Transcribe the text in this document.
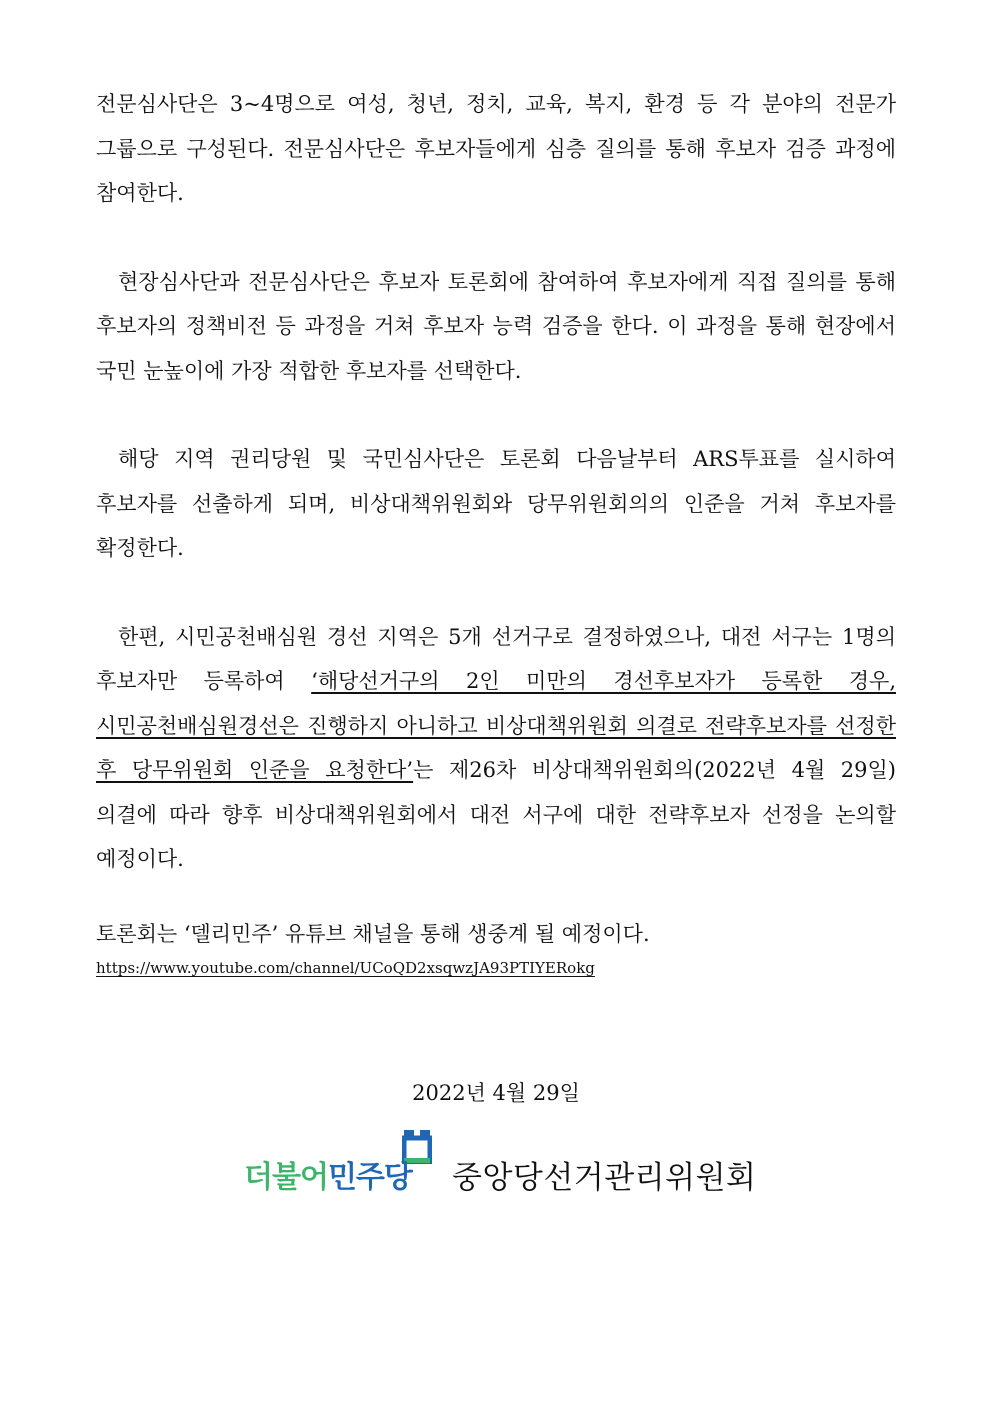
전문심사단은 3~4명으로 여성, 청년, 정치, 교육, 복지, 환경 등 각 분야의 전문가 그룹으로 구성된다. 전문심사단은 후보자들에게 심층 질의를 통해 후보자 검증 과정에 참여한다.

현장심사단과 전문심사단은 후보자 토론회에 참여하여 후보자에게 직접 질의를 통해 후보자의 정책비전 등 과정을 거쳐 후보자 능력 검증을 한다. 이 과정을 통해 현장에서 국민 눈높이에 가장 적합한 후보자를 선택한다.

해당 지역 권리당원 및 국민심사단은 토론회 다음날부터 ARS투표를 실시하여 후보자를 선출하게 되며, 비상대책위원회와 당무위원회의의 인준을 거쳐 후보자를 확정한다.

한편, 시민공천배심원 경선 지역은 5개 선거구로 결정하였으나, 대전 서구는 1명의 후보자만 등록하여 ‘해당선거구의 2인 미만의 경선후보자가 등록한 경우, 시민공천배심원경선은 진행하지 아니하고 비상대책위원회 의결로 전략후보자를 선정한 후 당무위원회 인준을 요청한다’는 제26차 비상대책위원회의(2022년 4월 29일) 의결에 따라 향후 비상대책위원회에서 대전 서구에 대한 전략후보자 선정을 논의할 예정이다.

토론회는 ‘델리민주’ 유튜브 채널을 통해 생중계 될 예정이다.

https://www.youtube.com/channel/UCoQD2xsqwzJA93PTIYERokg
2022년 4월 29일
더불어민주당 중앙당선거관리위원회
